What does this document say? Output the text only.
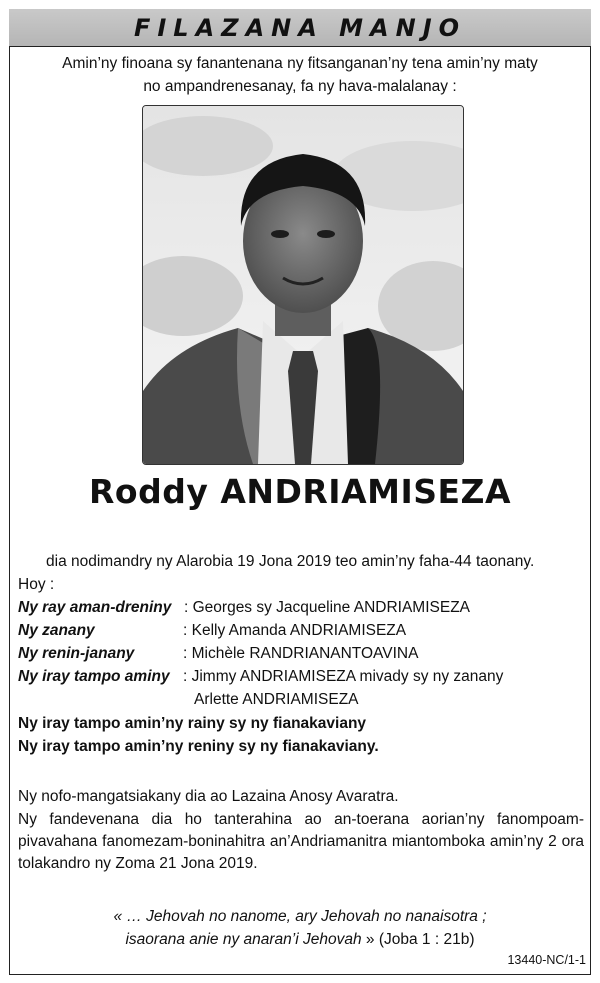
FILAZANA MANJO
Amin’ny finoana sy fanantenana ny fitsanganan’ny tena amin’ny maty
no ampandrenesanay, fa ny hava-malalanay :
Roddy ANDRIAMISEZA
dia nodimandry ny Alarobia 19 Jona 2019 teo amin’ny faha-44 taonany.
Hoy :
Ny ray aman-dreniny : Georges sy Jacqueline ANDRIAMISEZA
Ny zanany	: Kelly Amanda ANDRIAMISEZA
Ny renin-janany	: Michèle RANDRIANANTOAVINA
Ny iray tampo aminy : Jimmy ANDRIAMISEZA mivady sy ny zanany
Arlette ANDRIAMISEZA
Ny iray tampo amin’ny rainy sy ny fianakaviany
Ny iray tampo amin’ny reniny sy ny fianakaviany.
Ny nofo-mangatsiakany dia ao Lazaina Anosy Avaratra.
Ny fandevenana dia ho tanterahina ao an-toerana aorian’ny fanompoam-pivavahana fanomezam-boninahitra an’Andriamanitra miantomboka amin’ny 2 ora tolakandro ny Zoma 21 Jona 2019.
« … Jehovah no nanome, ary Jehovah no nanaisotra ;
isaorana anie ny anaran’i Jehovah » (Joba 1 : 21b)
13440-NC/1-1
